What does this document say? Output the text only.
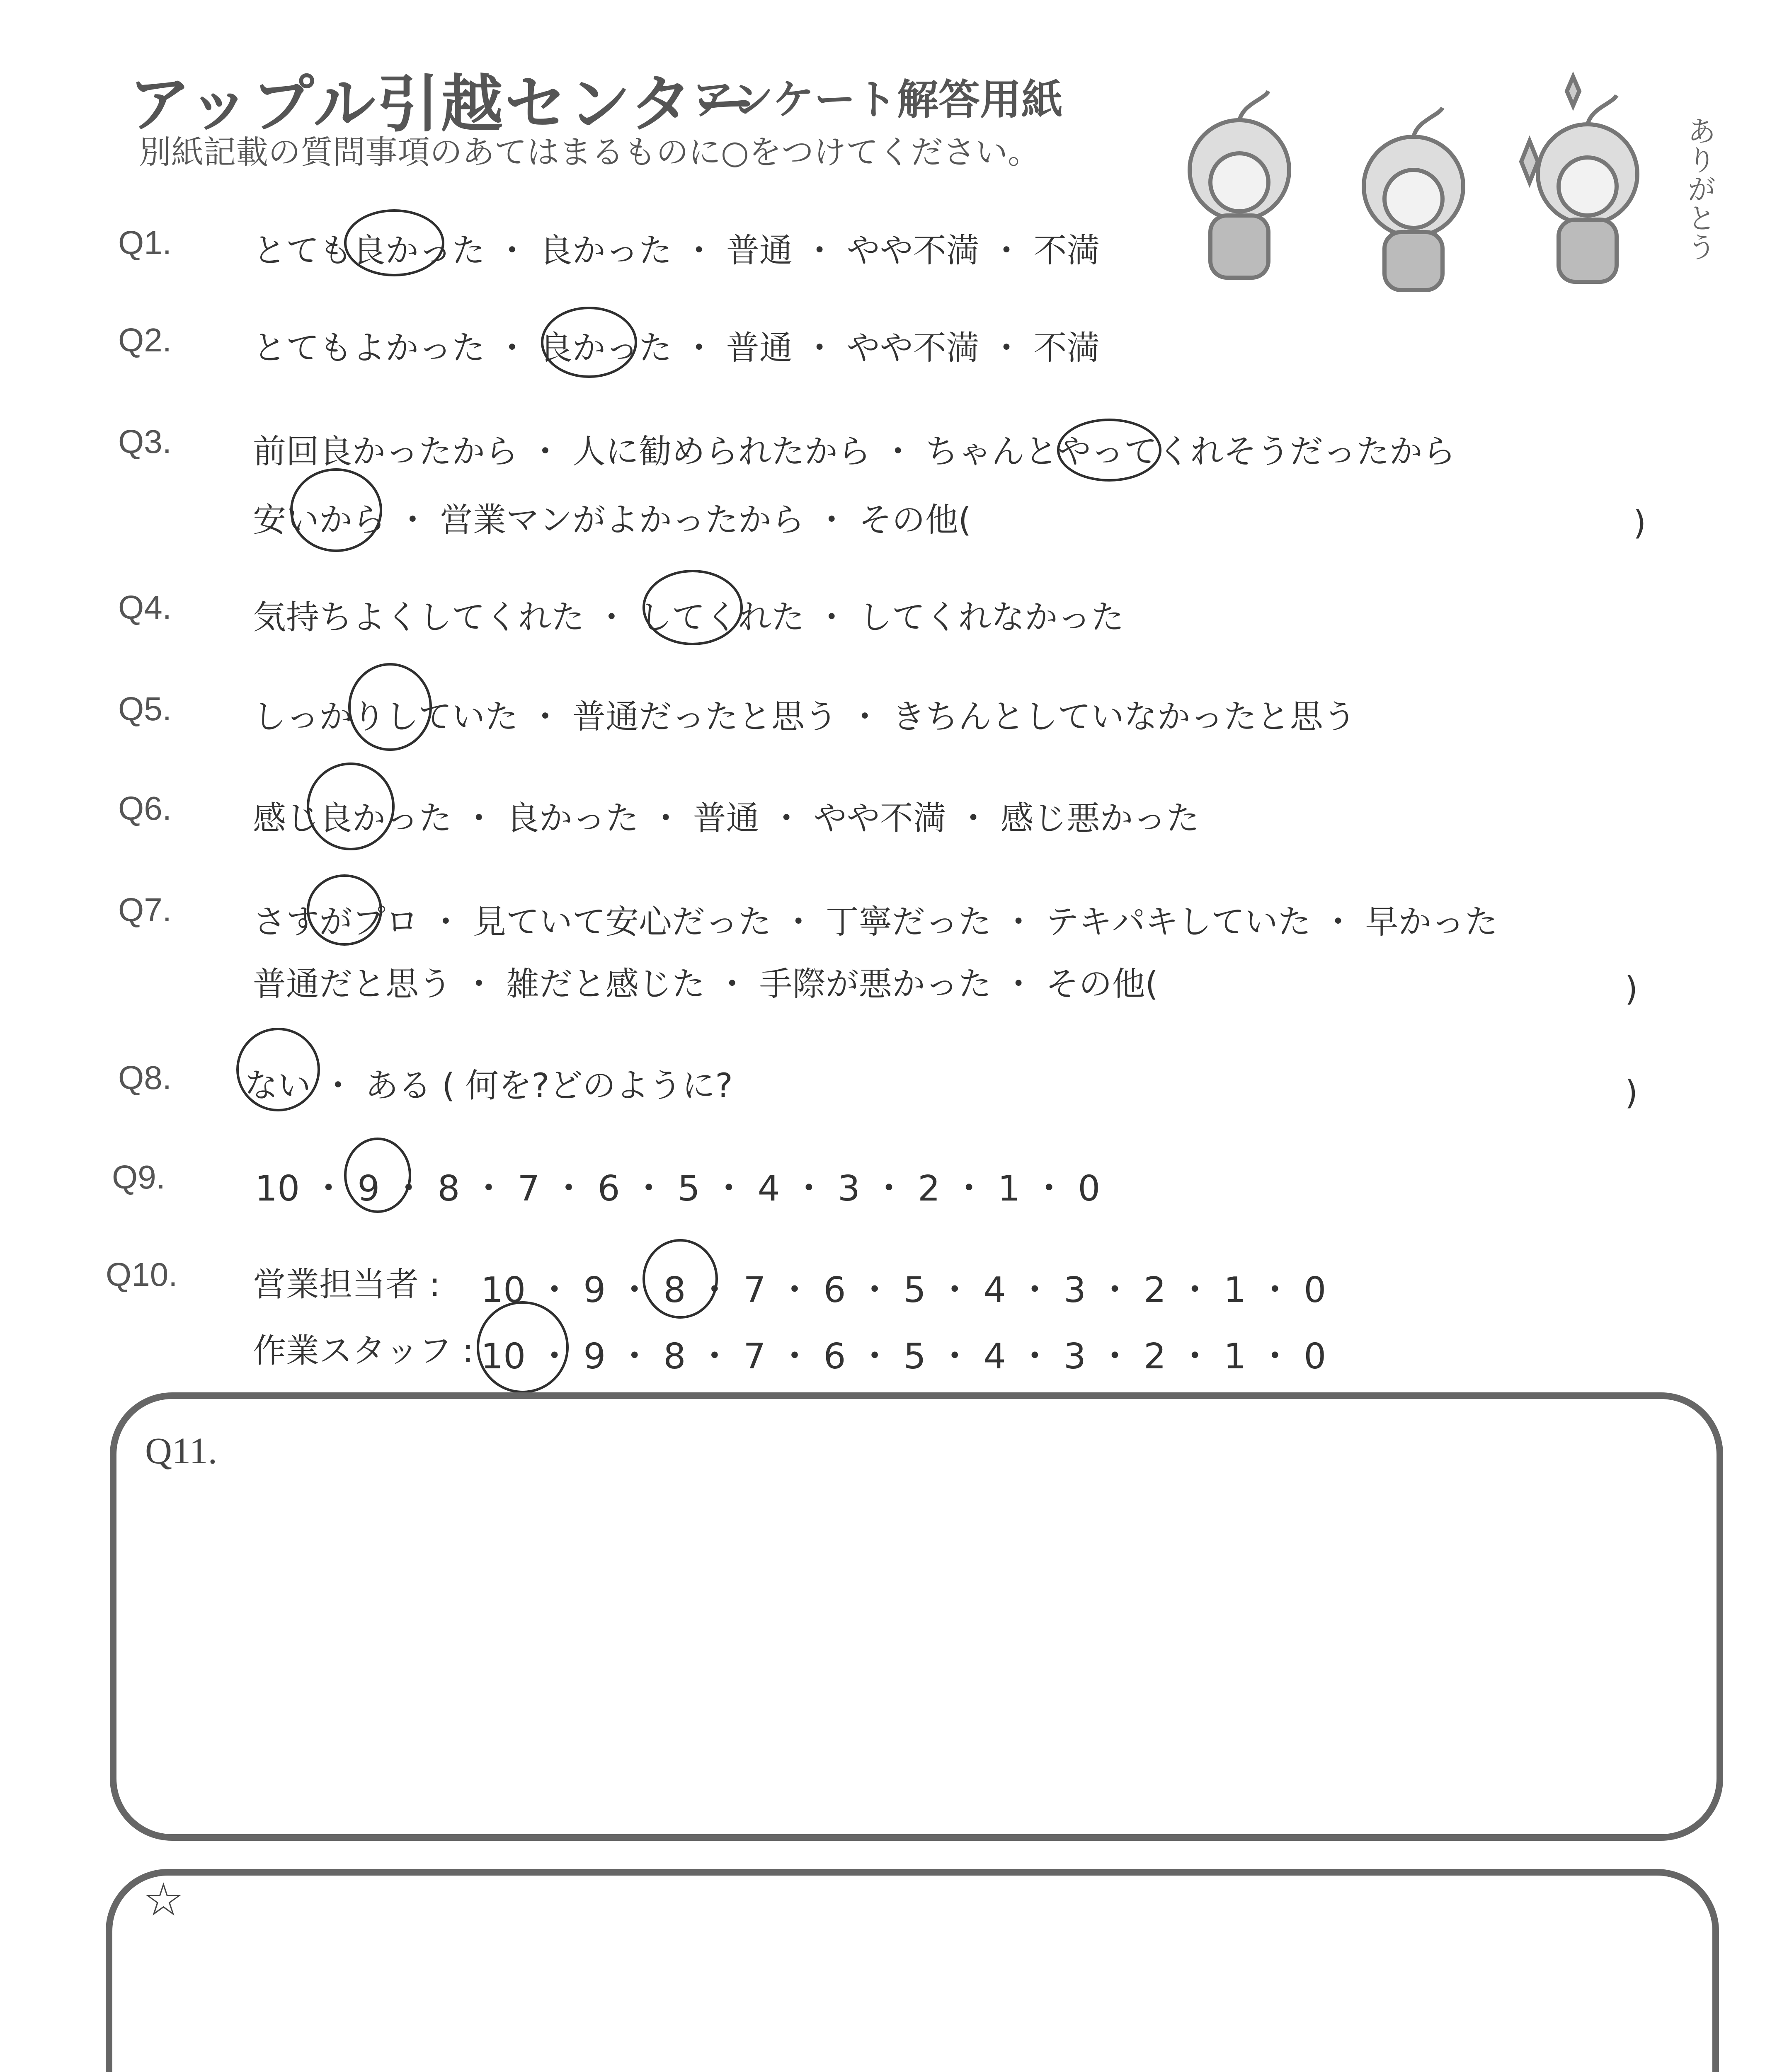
アップル引越センター
アンケート解答用紙
別紙記載の質問事項のあてはまるものに○をつけてください。	ありがとう
Q1. とても良かった ・ 良かった ・ 普通 ・ やや不満 ・ 不満
Q2. とてもよかった ・ 良かった ・ 普通 ・ やや不満 ・ 不満
Q3. 前回良かったから ・ 人に勧められたから ・ ちゃんとやってくれそうだったから
安いから ・ 営業マンがよかったから ・ その他(	)
Q4. 気持ちよくしてくれた ・ してくれた ・ してくれなかった
Q5. しっかりしていた ・ 普通だったと思う ・ きちんとしていなかったと思う
Q6. 感じ良かった ・ 良かった ・ 普通 ・ やや不満 ・ 感じ悪かった
Q7. さすがプロ ・ 見ていて安心だった ・ 丁寧だった ・ テキパキしていた ・ 早かった
普通だと思う ・ 雑だと感じた ・ 手際が悪かった ・ その他(	)
Q8. ない ・ ある ( 何を?どのように?	)
Q9.	10 ・ 9 ・ 8 ・ 7 ・ 6 ・ 5 ・ 4 ・ 3 ・ 2 ・ 1 ・ 0
Q10. 営業担当者 : 10 ・ 9 ・ 8 ・ 7 ・ 6 ・ 5 ・ 4 ・ 3 ・ 2 ・ 1 ・ 0
作業スタッフ : 10 ・ 9 ・ 8 ・ 7 ・ 6 ・ 5 ・ 4 ・ 3 ・ 2 ・ 1 ・ 0
Q11.
☆
